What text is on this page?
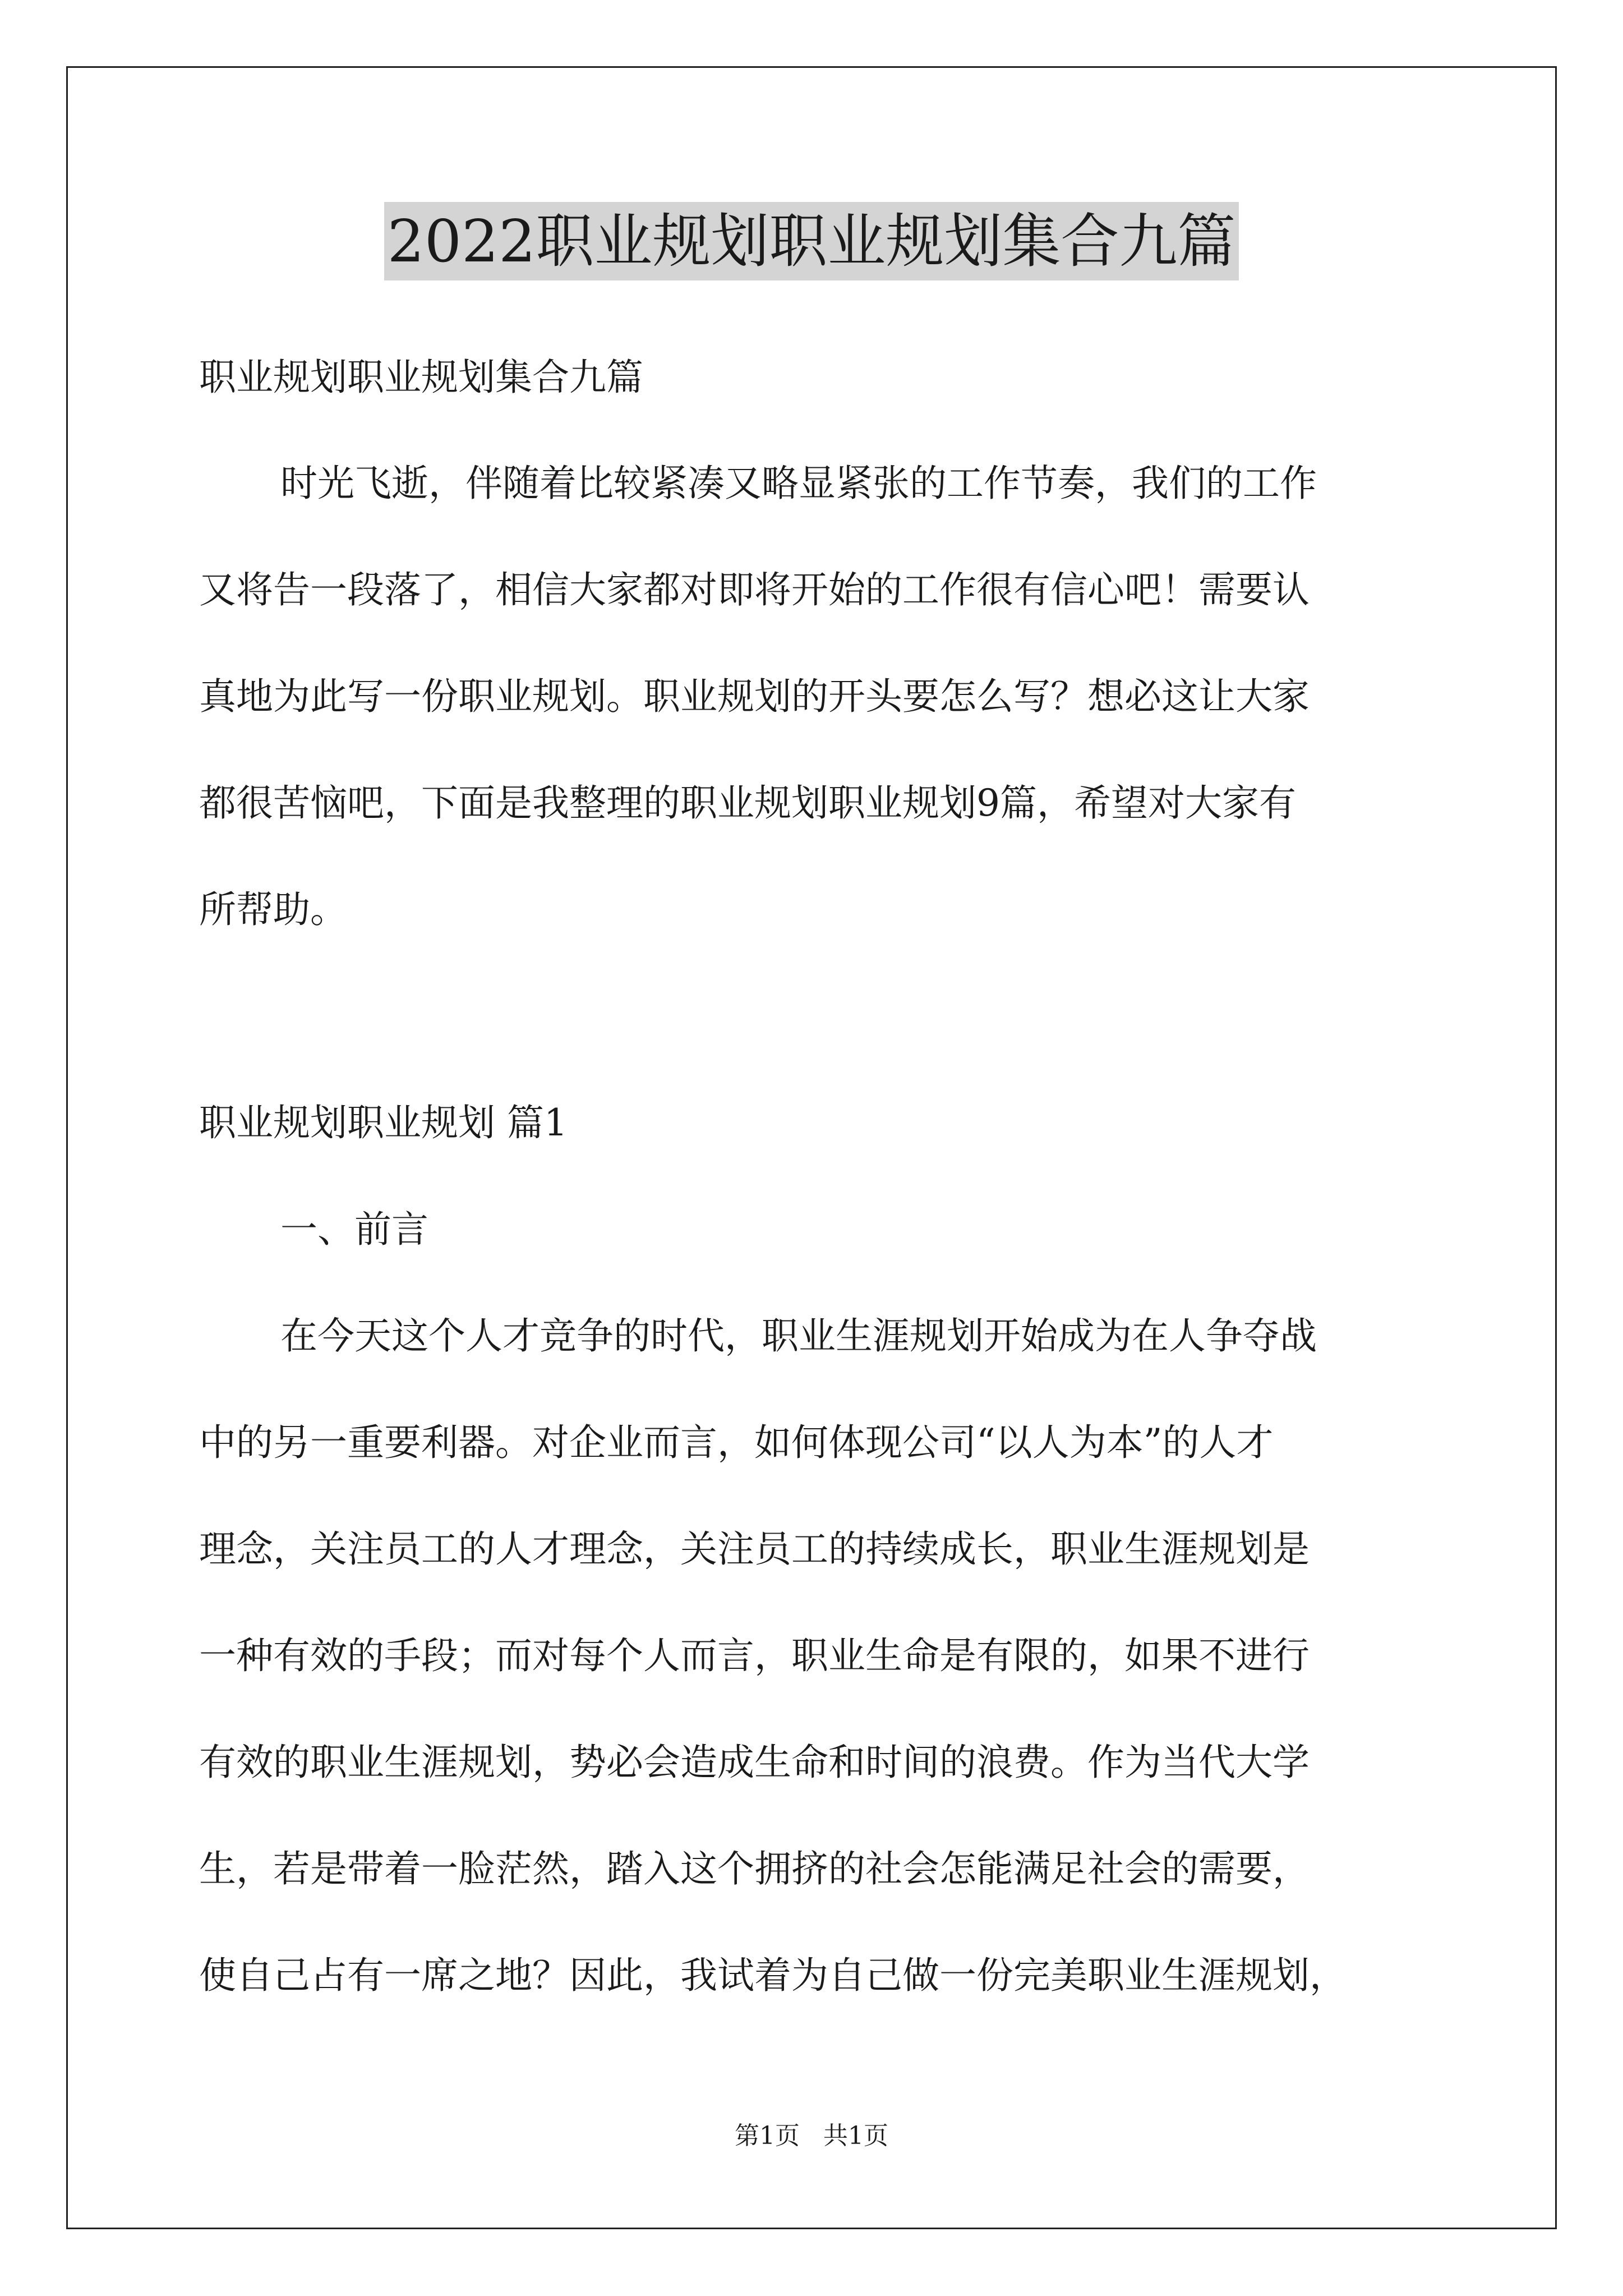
2022职业规划职业规划集合九篇
职业规划职业规划集合九篇
时光飞逝，伴随着比较紧凑又略显紧张的工作节奏，我们的工作
又将告一段落了，相信大家都对即将开始的工作很有信心吧！需要认
真地为此写一份职业规划。职业规划的开头要怎么写？想必这让大家
都很苦恼吧，下面是我整理的职业规划职业规划9篇，希望对大家有
所帮助。
职业规划职业规划 篇1
一、前言
在今天这个人才竞争的时代，职业生涯规划开始成为在人争夺战
中的另一重要利器。对企业而言，如何体现公司“以人为本”的人才
理念，关注员工的人才理念，关注员工的持续成长，职业生涯规划是
一种有效的手段；而对每个人而言，职业生命是有限的，如果不进行
有效的职业生涯规划，势必会造成生命和时间的浪费。作为当代大学
生，若是带着一脸茫然，踏入这个拥挤的社会怎能满足社会的需要，
使自己占有一席之地？因此，我试着为自己做一份完美职业生涯规划，
第1页   共1页
